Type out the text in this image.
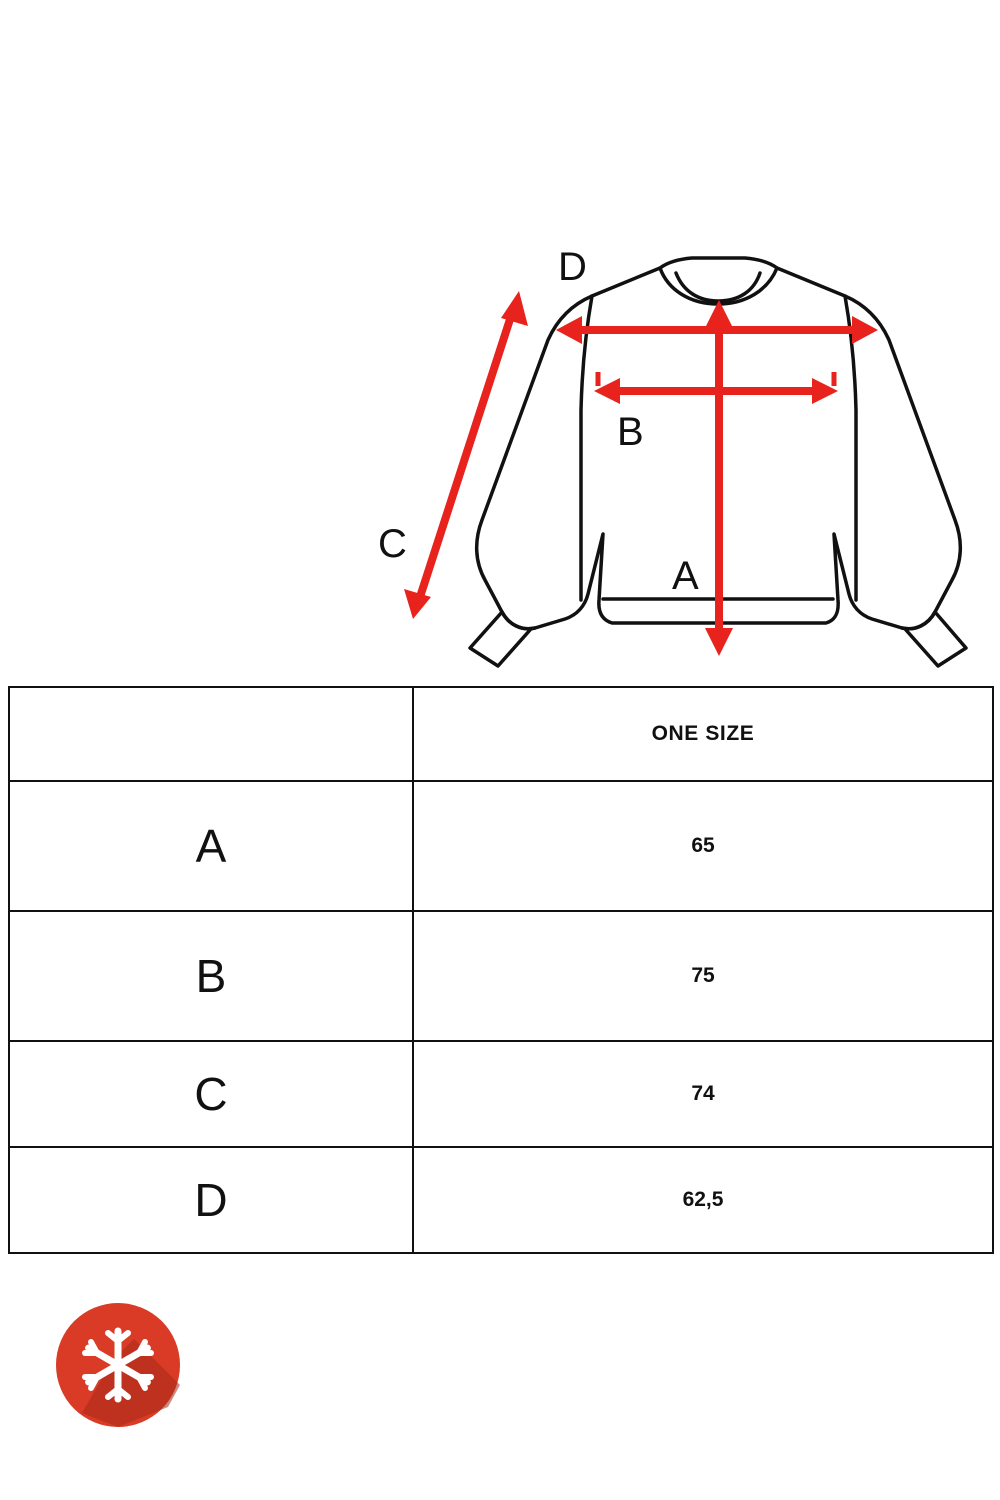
D
C
B
A
	ONE SIZE
A	65
B	75
C	74
D	62,5
